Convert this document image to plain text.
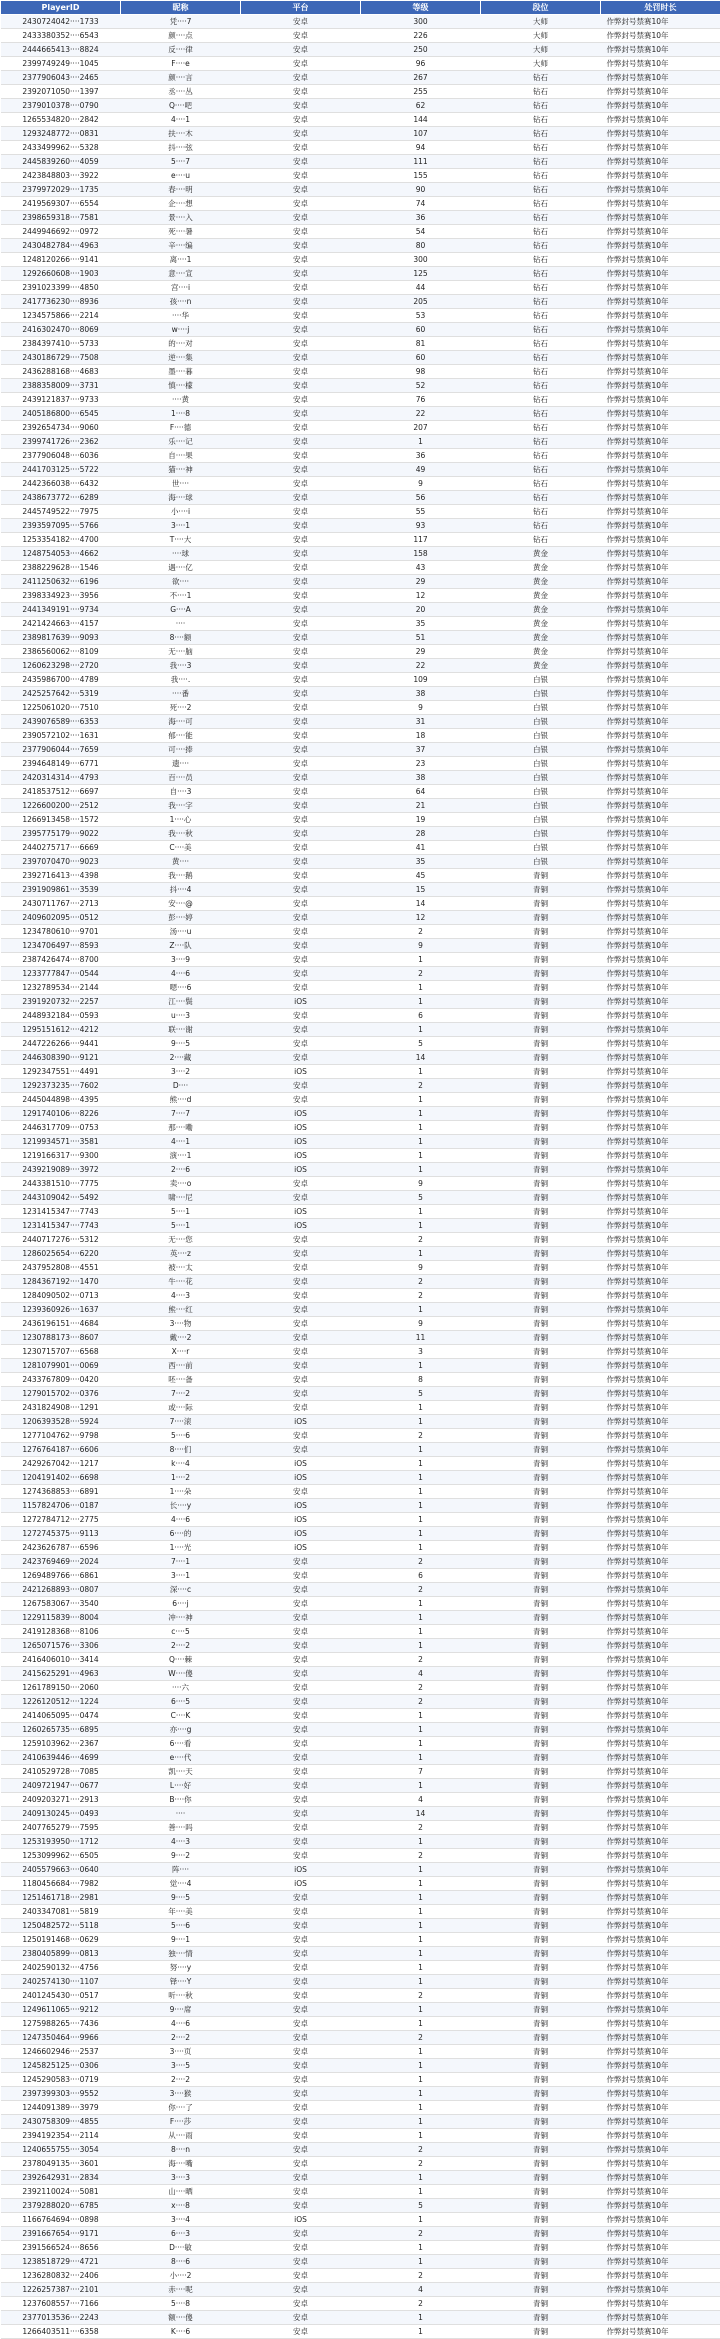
PlayerID	昵称	平台	等级	段位	处罚时长
2430724042····1733	凭····7	安卓	300	大师	作弊封号禁赛10年
2433380352····6543	颜····点	安卓	226	大师	作弊封号禁赛10年
2444665413····8824	反····律	安卓	250	大师	作弊封号禁赛10年
2399749249····1045	F····e	安卓	96	大师	作弊封号禁赛10年
2377906043····2465	颜····言	安卓	267	钻石	作弊封号禁赛10年
2392071050····1397	丞····丛	安卓	255	钻石	作弊封号禁赛10年
2379010378····0790	Q····吧	安卓	62	钻石	作弊封号禁赛10年
1265534820····2842	4····1	安卓	144	钻石	作弊封号禁赛10年
1293248772····0831	扶····木	安卓	107	钻石	作弊封号禁赛10年
2433499962····5328	抖····弦	安卓	94	钻石	作弊封号禁赛10年
2445839260····4059	5····7	安卓	111	钻石	作弊封号禁赛10年
2423848803····3922	e····u	安卓	155	钻石	作弊封号禁赛10年
2379972029····1735	春····明	安卓	90	钻石	作弊封号禁赛10年
2419569307····6554	企····想	安卓	74	钻石	作弊封号禁赛10年
2398659318····7581	景····入	安卓	36	钻石	作弊封号禁赛10年
2449946692····0972	死····暑	安卓	54	钻石	作弊封号禁赛10年
2430482784····4963	辛····编	安卓	80	钻石	作弊封号禁赛10年
1248120266····9141	离····1	安卓	300	钻石	作弊封号禁赛10年
1292660608····1903	意····宣	安卓	125	钻石	作弊封号禁赛10年
2391023399····4850	宫····i	安卓	44	钻石	作弊封号禁赛10年
2417736230····8936	孩····n	安卓	205	钻石	作弊封号禁赛10年
1234575866····2214	····华	安卓	53	钻石	作弊封号禁赛10年
2416302470····8069	w····j	安卓	60	钻石	作弊封号禁赛10年
2384397410····5733	的····对	安卓	81	钻石	作弊封号禁赛10年
2430186729····7508	逆····集	安卓	60	钻石	作弊封号禁赛10年
2436288168····4683	墨····暮	安卓	98	钻石	作弊封号禁赛10年
2388358009····3731	慎····檬	安卓	52	钻石	作弊封号禁赛10年
2439121837····9733	····黄	安卓	76	钻石	作弊封号禁赛10年
2405186800····6545	1····8	安卓	22	钻石	作弊封号禁赛10年
2392654734····9060	F····德	安卓	207	钻石	作弊封号禁赛10年
2399741726····2362	乐····记	安卓	1	钻石	作弊封号禁赛10年
2377906048····6036	自····果	安卓	36	钻石	作弊封号禁赛10年
2441703125····5722	猫····神	安卓	49	钻石	作弊封号禁赛10年
2442366038····6432	世····	安卓	9	钻石	作弊封号禁赛10年
2438673772····6289	海····球	安卓	56	钻石	作弊封号禁赛10年
2445749522····7975	小····i	安卓	55	钻石	作弊封号禁赛10年
2393597095····5766	3····1	安卓	93	钻石	作弊封号禁赛10年
1253354182····4700	T····大	安卓	117	钻石	作弊封号禁赛10年
1248754053····4662	····球	安卓	158	黄金	作弊封号禁赛10年
2388229628····1546	遇····亿	安卓	43	黄金	作弊封号禁赛10年
2411250632····6196	欲····	安卓	29	黄金	作弊封号禁赛10年
2398334923····3956	不····1	安卓	12	黄金	作弊封号禁赛10年
2441349191····9734	G····A	安卓	20	黄金	作弊封号禁赛10年
2421424663····4157	····	安卓	35	黄金	作弊封号禁赛10年
2389817639····9093	8····额	安卓	51	黄金	作弊封号禁赛10年
2386560062····8109	无····脑	安卓	29	黄金	作弊封号禁赛10年
1260623298····2720	我····3	安卓	22	黄金	作弊封号禁赛10年
2435986700····4789	我····.	安卓	109	白银	作弊封号禁赛10年
2425257642····5319	····番	安卓	38	白银	作弊封号禁赛10年
1225061020····7510	死····2	安卓	9	白银	作弊封号禁赛10年
2439076589····6353	海····可	安卓	31	白银	作弊封号禁赛10年
2390572102····1631	郁····能	安卓	18	白银	作弊封号禁赛10年
2377906044····7659	可····捧	安卓	37	白银	作弊封号禁赛10年
2394648149····6771	遗····	安卓	23	白银	作弊封号禁赛10年
2420314314····4793	百····员	安卓	38	白银	作弊封号禁赛10年
2418537512····6697	自····3	安卓	64	白银	作弊封号禁赛10年
1226600200····2512	我····字	安卓	21	白银	作弊封号禁赛10年
1266913458····1572	1····心	安卓	19	白银	作弊封号禁赛10年
2395775179····9022	我····秋	安卓	28	白银	作弊封号禁赛10年
2440275717····6669	C····美	安卓	41	白银	作弊封号禁赛10年
2397070470····9023	黄····	安卓	35	白银	作弊封号禁赛10年
2392716413····4398	我····鹅	安卓	45	青铜	作弊封号禁赛10年
2391909861····3539	抖····4	安卓	15	青铜	作弊封号禁赛10年
2430711767····2713	安····@	安卓	14	青铜	作弊封号禁赛10年
2409602095····0512	彭····婷	安卓	12	青铜	作弊封号禁赛10年
1234780610····9701	汤····u	安卓	2	青铜	作弊封号禁赛10年
1234706497····8593	Z····队	安卓	9	青铜	作弊封号禁赛10年
2387426474····8700	3····9	安卓	1	青铜	作弊封号禁赛10年
1233777847····0544	4····6	安卓	2	青铜	作弊封号禁赛10年
1232789534····2144	嗯····6	安卓	1	青铜	作弊封号禁赛10年
2391920732····2257	江····鬓	iOS	1	青铜	作弊封号禁赛10年
2448932184····0593	u····3	安卓	6	青铜	作弊封号禁赛10年
1295151612····4212	联····谢	安卓	1	青铜	作弊封号禁赛10年
2447226266····9441	9····5	安卓	5	青铜	作弊封号禁赛10年
2446308390····9121	2····藏	安卓	14	青铜	作弊封号禁赛10年
1292347551····4491	3····2	iOS	1	青铜	作弊封号禁赛10年
1292373235····7602	D····	安卓	2	青铜	作弊封号禁赛10年
2445044898····4395	熊····d	安卓	1	青铜	作弊封号禁赛10年
1291740106····8226	7····7	iOS	1	青铜	作弊封号禁赛10年
2446317709····0753	那····嘞	iOS	1	青铜	作弊封号禁赛10年
1219934571····3581	4····1	iOS	1	青铜	作弊封号禁赛10年
1219166317····9300	演····1	iOS	1	青铜	作弊封号禁赛10年
2439219089····3972	2····6	iOS	1	青铜	作弊封号禁赛10年
2443381510····7775	卖····o	安卓	9	青铜	作弊封号禁赛10年
2443109042····5492	啸····尼	安卓	5	青铜	作弊封号禁赛10年
1231415347····7743	5····1	iOS	1	青铜	作弊封号禁赛10年
1231415347····7743	5····1	iOS	1	青铜	作弊封号禁赛10年
2440717276····5312	无····您	安卓	2	青铜	作弊封号禁赛10年
1286025654····6220	英····z	安卓	1	青铜	作弊封号禁赛10年
2437952808····4551	被····太	安卓	9	青铜	作弊封号禁赛10年
1284367192····1470	牛····花	安卓	2	青铜	作弊封号禁赛10年
1284090502····0713	4····3	安卓	2	青铜	作弊封号禁赛10年
1239360926····1637	熊····红	安卓	1	青铜	作弊封号禁赛10年
2436196151····4684	3····物	安卓	9	青铜	作弊封号禁赛10年
1230788173····8607	戴····2	安卓	11	青铜	作弊封号禁赛10年
1230715707····6568	X····r	安卓	3	青铜	作弊封号禁赛10年
1281079901····0069	西····前	安卓	1	青铜	作弊封号禁赛10年
2433767809····0420	呸····备	安卓	8	青铜	作弊封号禁赛10年
1279015702····0376	7····2	安卓	5	青铜	作弊封号禁赛10年
2431824908····1291	或····际	安卓	1	青铜	作弊封号禁赛10年
1206393528····5924	7····滚	iOS	1	青铜	作弊封号禁赛10年
1277104762····9798	5····6	安卓	2	青铜	作弊封号禁赛10年
1276764187····6606	8····们	安卓	1	青铜	作弊封号禁赛10年
2429267042····1217	k····4	iOS	1	青铜	作弊封号禁赛10年
1204191402····6698	1····2	iOS	1	青铜	作弊封号禁赛10年
1274368853····6891	1····朵	安卓	1	青铜	作弊封号禁赛10年
1157824706····0187	长····y	iOS	1	青铜	作弊封号禁赛10年
1272784712····2775	4····6	iOS	1	青铜	作弊封号禁赛10年
1272745375····9113	6····的	iOS	1	青铜	作弊封号禁赛10年
2423626787····6596	1····光	iOS	1	青铜	作弊封号禁赛10年
2423769469····2024	7····1	安卓	2	青铜	作弊封号禁赛10年
1269489766····6861	3····1	安卓	6	青铜	作弊封号禁赛10年
2421268893····0807	深····c	安卓	2	青铜	作弊封号禁赛10年
1267583067····3540	6····j	安卓	1	青铜	作弊封号禁赛10年
1229115839····8004	冲····神	安卓	1	青铜	作弊封号禁赛10年
2419128368····8106	c····5	安卓	1	青铜	作弊封号禁赛10年
1265071576····3306	2····2	安卓	1	青铜	作弊封号禁赛10年
2416406010····3414	Q····棘	安卓	2	青铜	作弊封号禁赛10年
2415625291····4963	W····傻	安卓	4	青铜	作弊封号禁赛10年
1261789150····2060	····六	安卓	2	青铜	作弊封号禁赛10年
1226120512····1224	6····5	安卓	2	青铜	作弊封号禁赛10年
2414065095····0474	C····K	安卓	1	青铜	作弊封号禁赛10年
1260265735····6895	亦····g	安卓	1	青铜	作弊封号禁赛10年
1259103962····2367	6····看	安卓	1	青铜	作弊封号禁赛10年
2410639446····4699	e····代	安卓	1	青铜	作弊封号禁赛10年
2410529728····7085	凯····天	安卓	7	青铜	作弊封号禁赛10年
2409721947····0677	L····好	安卓	1	青铜	作弊封号禁赛10年
2409203271····2913	B····你	安卓	4	青铜	作弊封号禁赛10年
2409130245····0493	····	安卓	14	青铜	作弊封号禁赛10年
2407765279····7595	善····吗	安卓	2	青铜	作弊封号禁赛10年
1253193950····1712	4····3	安卓	1	青铜	作弊封号禁赛10年
1253099962····6505	9····2	安卓	2	青铜	作弊封号禁赛10年
2405579663····0640	阵····	iOS	1	青铜	作弊封号禁赛10年
1180456684····7982	觉····4	iOS	1	青铜	作弊封号禁赛10年
1251461718····2981	9····5	安卓	1	青铜	作弊封号禁赛10年
2403347081····5819	年····美	安卓	1	青铜	作弊封号禁赛10年
1250482572····5118	5····6	安卓	1	青铜	作弊封号禁赛10年
1250191468····0629	9····1	安卓	1	青铜	作弊封号禁赛10年
2380405899····0813	独····情	安卓	1	青铜	作弊封号禁赛10年
2402590132····4756	努····y	安卓	1	青铜	作弊封号禁赛10年
2402574130····1107	铎····Y	安卓	1	青铜	作弊封号禁赛10年
2401245430····0517	听····秋	安卓	2	青铜	作弊封号禁赛10年
1249611065····9212	9····席	安卓	1	青铜	作弊封号禁赛10年
1275988265····7436	4····6	安卓	1	青铜	作弊封号禁赛10年
1247350464····9966	2····2	安卓	2	青铜	作弊封号禁赛10年
1246602946····2537	3····页	安卓	1	青铜	作弊封号禁赛10年
1245825125····0306	3····5	安卓	1	青铜	作弊封号禁赛10年
1245290583····0719	2····2	安卓	1	青铜	作弊封号禁赛10年
2397399303····9552	3····猴	安卓	1	青铜	作弊封号禁赛10年
1244091389····3979	你····了	安卓	1	青铜	作弊封号禁赛10年
2430758309····4855	F····莎	安卓	1	青铜	作弊封号禁赛10年
2394192354····2114	从····雨	安卓	1	青铜	作弊封号禁赛10年
1240655755····3054	8····n	安卓	2	青铜	作弊封号禁赛10年
2378049135····3601	海····嘴	安卓	2	青铜	作弊封号禁赛10年
2392642931····2834	3····3	安卓	1	青铜	作弊封号禁赛10年
2392110024····5081	山····晒	安卓	1	青铜	作弊封号禁赛10年
2379288020····6785	x····8	安卓	5	青铜	作弊封号禁赛10年
1166764694····0898	3····4	iOS	1	青铜	作弊封号禁赛10年
2391667654····9171	6····3	安卓	2	青铜	作弊封号禁赛10年
2391566524····8656	D····敏	安卓	1	青铜	作弊封号禁赛10年
1238518729····4721	8····6	安卓	1	青铜	作弊封号禁赛10年
1236280832····2406	小····2	安卓	2	青铜	作弊封号禁赛10年
1226257387····2101	赤····呢	安卓	4	青铜	作弊封号禁赛10年
1237608557····7166	5····8	安卓	2	青铜	作弊封号禁赛10年
2377013536····2243	额····傻	安卓	1	青铜	作弊封号禁赛10年
1266403511····6358	K····6	安卓	1	青铜	作弊封号禁赛10年
